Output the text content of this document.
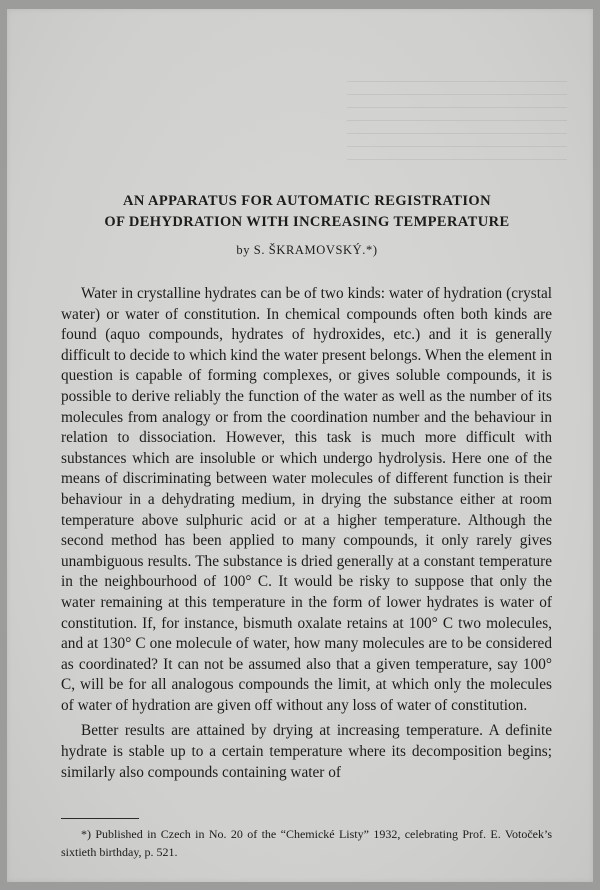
AN APPARATUS FOR AUTOMATIC REGISTRATION
OF DEHYDRATION WITH INCREASING TEMPERATURE
by S. ŠKRAMOVSKÝ.*)

Water in crystalline hydrates can be of two kinds: water of hydration (crystal water) or water of constitution. In chemical compounds often both kinds are found (aquo compounds, hydrates of hydroxides, etc.) and it is generally difficult to decide to which kind the water present belongs. When the element in question is capable of forming complexes, or gives soluble compounds, it is possible to derive reliably the function of the water as well as the number of its molecules from analogy or from the coordination number and the behaviour in relation to dissociation. However, this task is much more difficult with substances which are insoluble or which undergo hydrolysis. Here one of the means of discriminating between water molecules of different function is their behaviour in a dehydrating medium, in drying the substance either at room temperature above sulphuric acid or at a higher temperature. Although the second method has been applied to many compounds, it only rarely gives unambiguous results. The substance is dried generally at a constant temperature in the neighbourhood of 100° C. It would be risky to suppose that only the water remaining at this temperature in the form of lower hydrates is water of constitution. If, for instance, bismuth oxalate retains at 100° C two molecules, and at 130° C one molecule of water, how many molecules are to be considered as coordinated? It can not be assumed also that a given temperature, say 100° C, will be for all analogous compounds the limit, at which only the molecules of water of hydration are given off without any loss of water of constitution.

Better results are attained by drying at increasing temperature. A definite hydrate is stable up to a certain temperature where its decomposition begins; similarly also compounds containing water of

*) Published in Czech in No. 20 of the “Chemické Listy” 1932, celebrating Prof. E. Votoček’s sixtieth birthday, p. 521.
